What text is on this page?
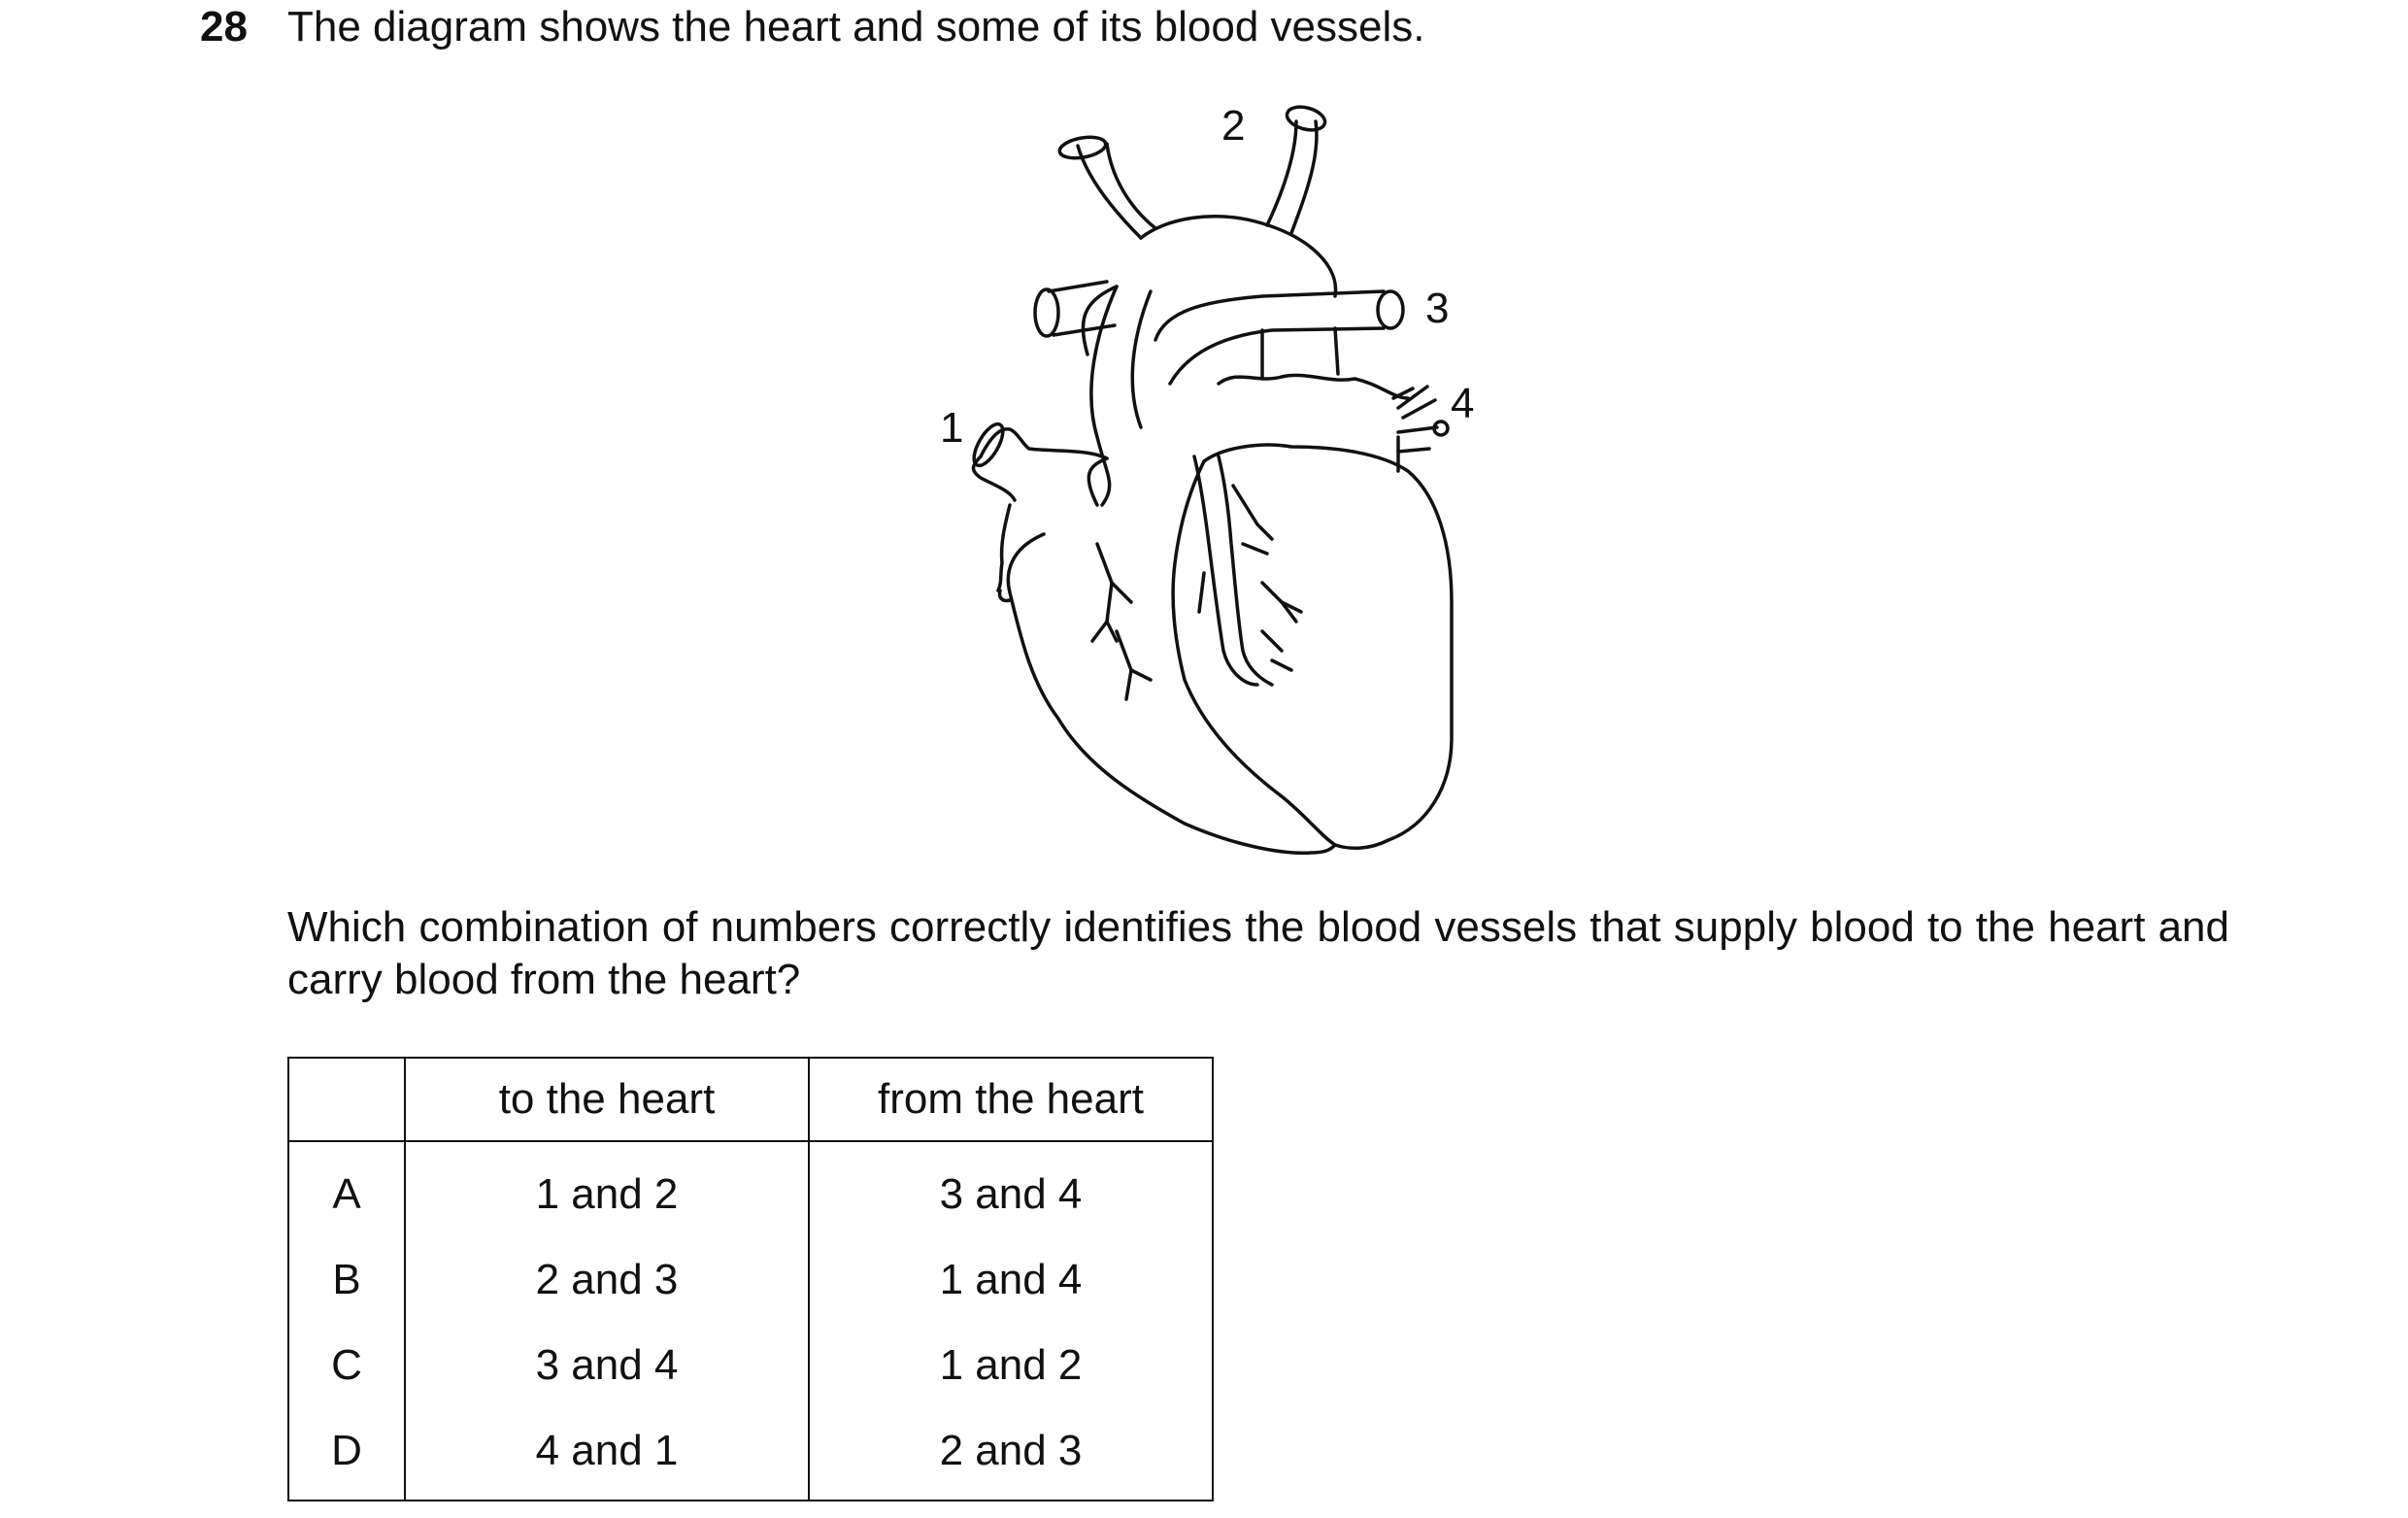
28 The diagram shows the heart and some of its blood vessels.
1
2
3
4
Which combination of numbers correctly identifies the blood vessels that supply blood to the heart and carry blood from the heart?
	to the heart	from the heart
A	1 and 2	3 and 4
B	2 and 3	1 and 4
C	3 and 4	1 and 2
D	4 and 1	2 and 3
